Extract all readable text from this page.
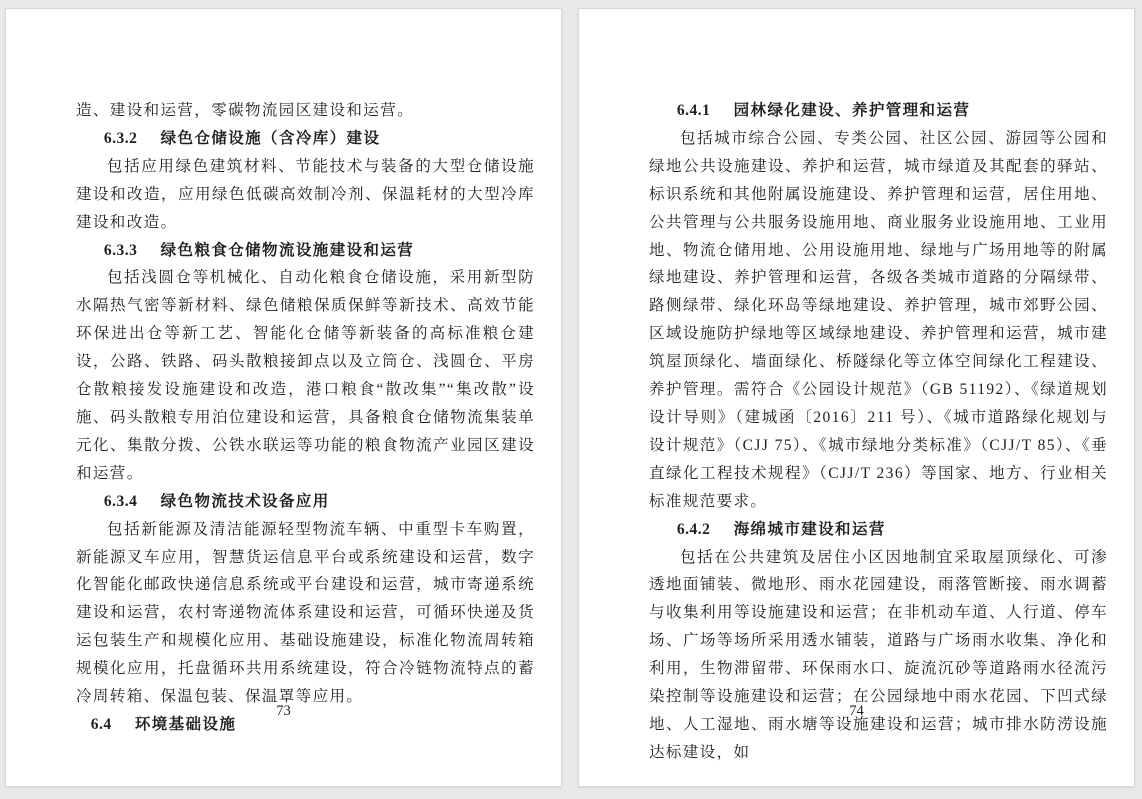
造、建设和运营，零碳物流园区建设和运营。

6.3.2 绿色仓储设施（含冷库）建设

包括应用绿色建筑材料、节能技术与装备的大型仓储设施建设和改造，应用绿色低碳高效制冷剂、保温耗材的大型冷库建设和改造。

6.3.3 绿色粮食仓储物流设施建设和运营

包括浅圆仓等机械化、自动化粮食仓储设施，采用新型防水隔热气密等新材料、绿色储粮保质保鲜等新技术、高效节能环保进出仓等新工艺、智能化仓储等新装备的高标准粮仓建设，公路、铁路、码头散粮接卸点以及立筒仓、浅圆仓、平房仓散粮接发设施建设和改造，港口粮食“散改集”“集改散”设施、码头散粮专用泊位建设和运营，具备粮食仓储物流集装单元化、集散分拨、公铁水联运等功能的粮食物流产业园区建设和运营。

6.3.4 绿色物流技术设备应用

包括新能源及清洁能源轻型物流车辆、中重型卡车购置，新能源叉车应用，智慧货运信息平台或系统建设和运营，数字化智能化邮政快递信息系统或平台建设和运营，城市寄递系统建设和运营，农村寄递物流体系建设和运营，可循环快递及货运包装生产和规模化应用、基础设施建设，标准化物流周转箱规模化应用，托盘循环共用系统建设，符合冷链物流特点的蓄冷周转箱、保温包装、保温罩等应用。

6.4 环境基础设施
73
6.4.1 园林绿化建设、养护管理和运营

包括城市综合公园、专类公园、社区公园、游园等公园和绿地公共设施建设、养护和运营，城市绿道及其配套的驿站、标识系统和其他附属设施建设、养护管理和运营，居住用地、公共管理与公共服务设施用地、商业服务业设施用地、工业用地、物流仓储用地、公用设施用地、绿地与广场用地等的附属绿地建设、养护管理和运营，各级各类城市道路的分隔绿带、路侧绿带、绿化环岛等绿地建设、养护管理，城市郊野公园、区域设施防护绿地等区域绿地建设、养护管理和运营，城市建筑屋顶绿化、墙面绿化、桥隧绿化等立体空间绿化工程建设、养护管理。需符合《公园设计规范》（GB 51192）、《绿道规划设计导则》（建城函〔2016〕211 号）、《城市道路绿化规划与设计规范》（CJJ 75）、《城市绿地分类标准》（CJJ/T 85）、《垂直绿化工程技术规程》（CJJ/T 236）等国家、地方、行业相关标准规范要求。

6.4.2 海绵城市建设和运营

包括在公共建筑及居住小区因地制宜采取屋顶绿化、可渗透地面铺装、微地形、雨水花园建设，雨落管断接、雨水调蓄与收集利用等设施建设和运营；在非机动车道、人行道、停车场、广场等场所采用透水铺装，道路与广场雨水收集、净化和利用，生物滞留带、环保雨水口、旋流沉砂等道路雨水径流污染控制等设施建设和运营；在公园绿地中雨水花园、下凹式绿地、人工湿地、雨水塘等设施建设和运营；城市排水防涝设施达标建设，如

74
